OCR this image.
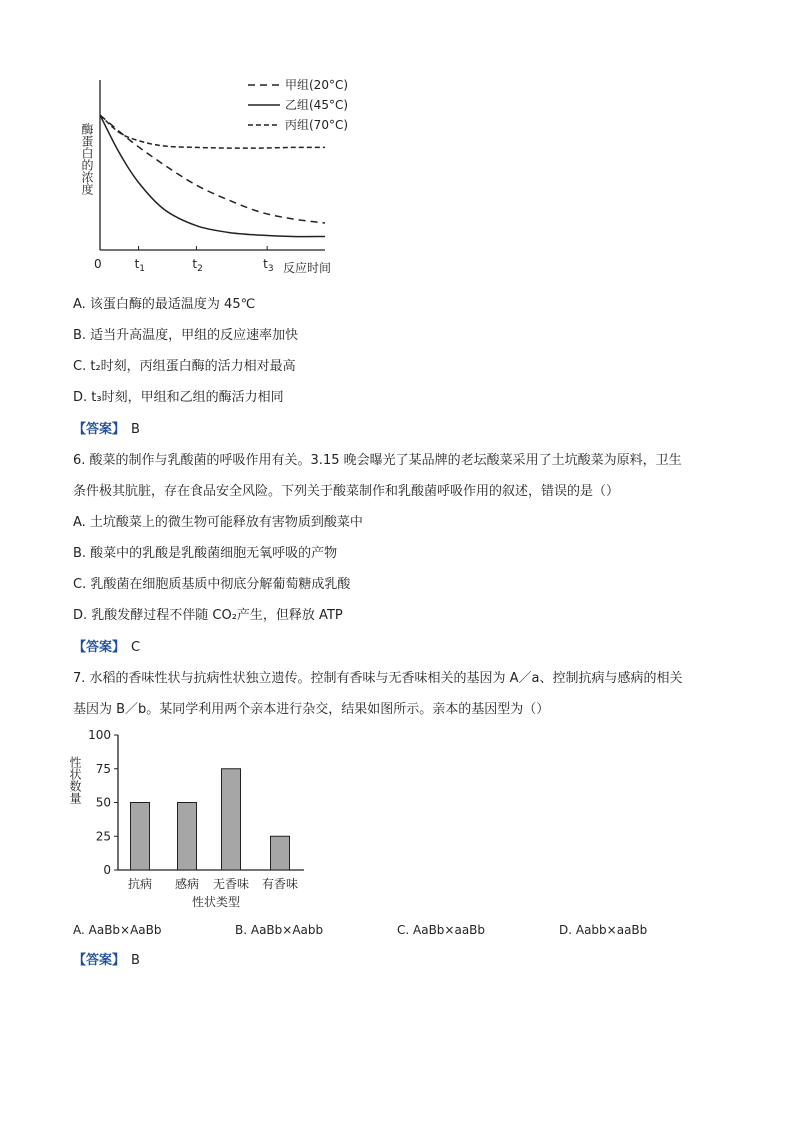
0	$t_1$	$t_2$	$t_3$ 反应时间
甲组(20°C)
乙组(45°C)
丙组(70°C)
酶蛋白的浓度
A. 该蛋白酶的最适温度为 45℃
B. 适当升高温度，甲组的反应速率加快
C. t₂时刻，丙组蛋白酶的活力相对最高
D. t₃时刻，甲组和乙组的酶活力相同
【答案】 B
6. 酸菜的制作与乳酸菌的呼吸作用有关。3.15 晚会曝光了某品牌的老坛酸菜采用了土坑酸菜为原料，卫生
条件极其肮脏，存在食品安全风险。下列关于酸菜制作和乳酸菌呼吸作用的叙述，错误的是（）
A. 土坑酸菜上的微生物可能释放有害物质到酸菜中
B. 酸菜中的乳酸是乳酸菌细胞无氧呼吸的产物
C. 乳酸菌在细胞质基质中彻底分解葡萄糖成乳酸
D. 乳酸发酵过程不伴随 CO₂产生，但释放 ATP
【答案】 C
7. 水稻的香味性状与抗病性状独立遗传。控制有香味与无香味相关的基因为 A／a、控制抗病与感病的相关
基因为 B／b。某同学利用两个亲本进行杂交，结果如图所示。亲本的基因型为（）
0
25
50
75
100
抗病 感病 无香味 有香味
性状类型
性状数量
A. AaBb×AaBb	B. AaBb×Aabb	C. AaBb×aaBb	D. Aabb×aaBb
【答案】 B
